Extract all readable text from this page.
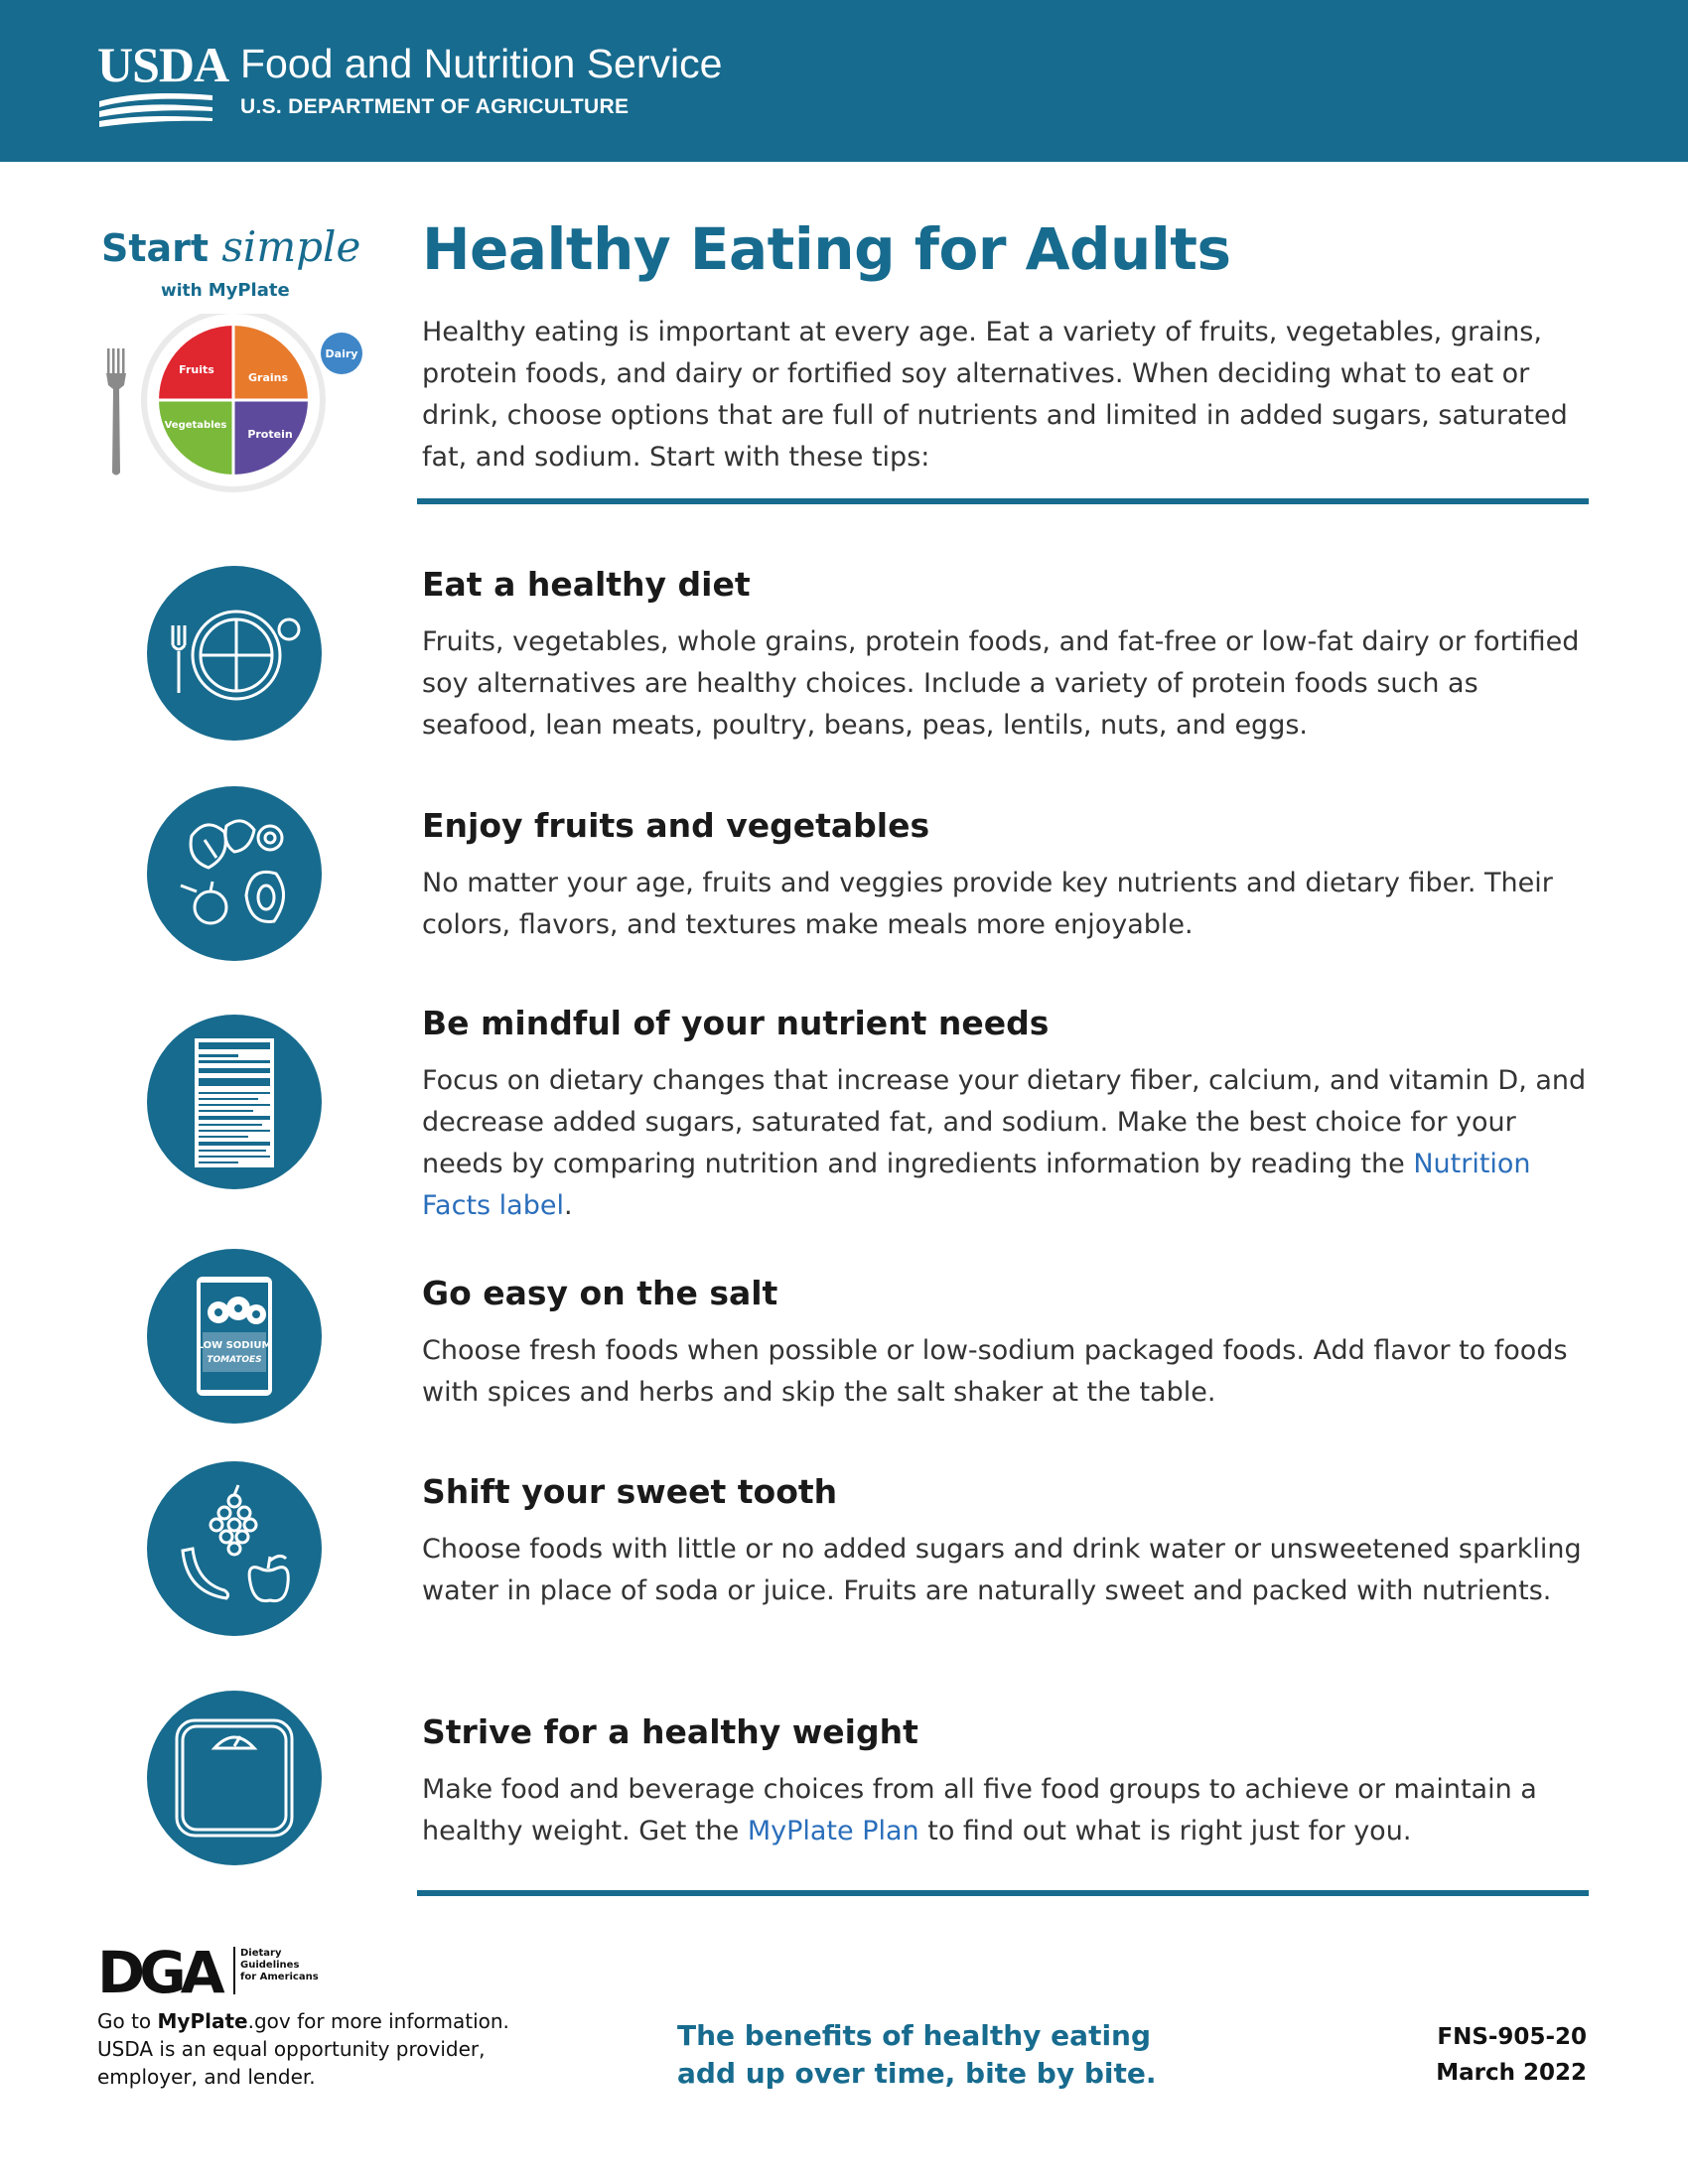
USDA Food and Nutrition Service
U.S. DEPARTMENT OF AGRICULTURE
Start simple
with MyPlate
Fruits
Grains
Vegetables
Protein
Dairy
Healthy Eating for Adults
Healthy eating is important at every age. Eat a variety of fruits, vegetables, grains, protein foods, and dairy or fortified soy alternatives. When deciding what to eat or drink, choose options that are full of nutrients and limited in added sugars, saturated fat, and sodium. Start with these tips:
Eat a healthy diet
Fruits, vegetables, whole grains, protein foods, and fat-free or low-fat dairy or fortified soy alternatives are healthy choices. Include a variety of protein foods such as seafood, lean meats, poultry, beans, peas, lentils, nuts, and eggs.
Enjoy fruits and vegetables
No matter your age, fruits and veggies provide key nutrients and dietary fiber. Their colors, flavors, and textures make meals more enjoyable.
Be mindful of your nutrient needs
Focus on dietary changes that increase your dietary fiber, calcium, and vitamin D, and decrease added sugars, saturated fat, and sodium. Make the best choice for your needs by comparing nutrition and ingredients information by reading the Nutrition Facts label.
LOW SODIUM
TOMATOES
Go easy on the salt
Choose fresh foods when possible or low-sodium packaged foods. Add flavor to foods with spices and herbs and skip the salt shaker at the table.
Shift your sweet tooth
Choose foods with little or no added sugars and drink water or unsweetened sparkling water in place of soda or juice. Fruits are naturally sweet and packed with nutrients.
Strive for a healthy weight
Make food and beverage choices from all five food groups to achieve or maintain a healthy weight. Get the MyPlate Plan to find out what is right just for you.
DGA	Dietary
Guidelines
for Americans
Go to MyPlate.gov for more information.
USDA is an equal opportunity provider, employer, and lender.
The benefits of healthy eating
add up over time, bite by bite.
FNS-905-20
March 2022
